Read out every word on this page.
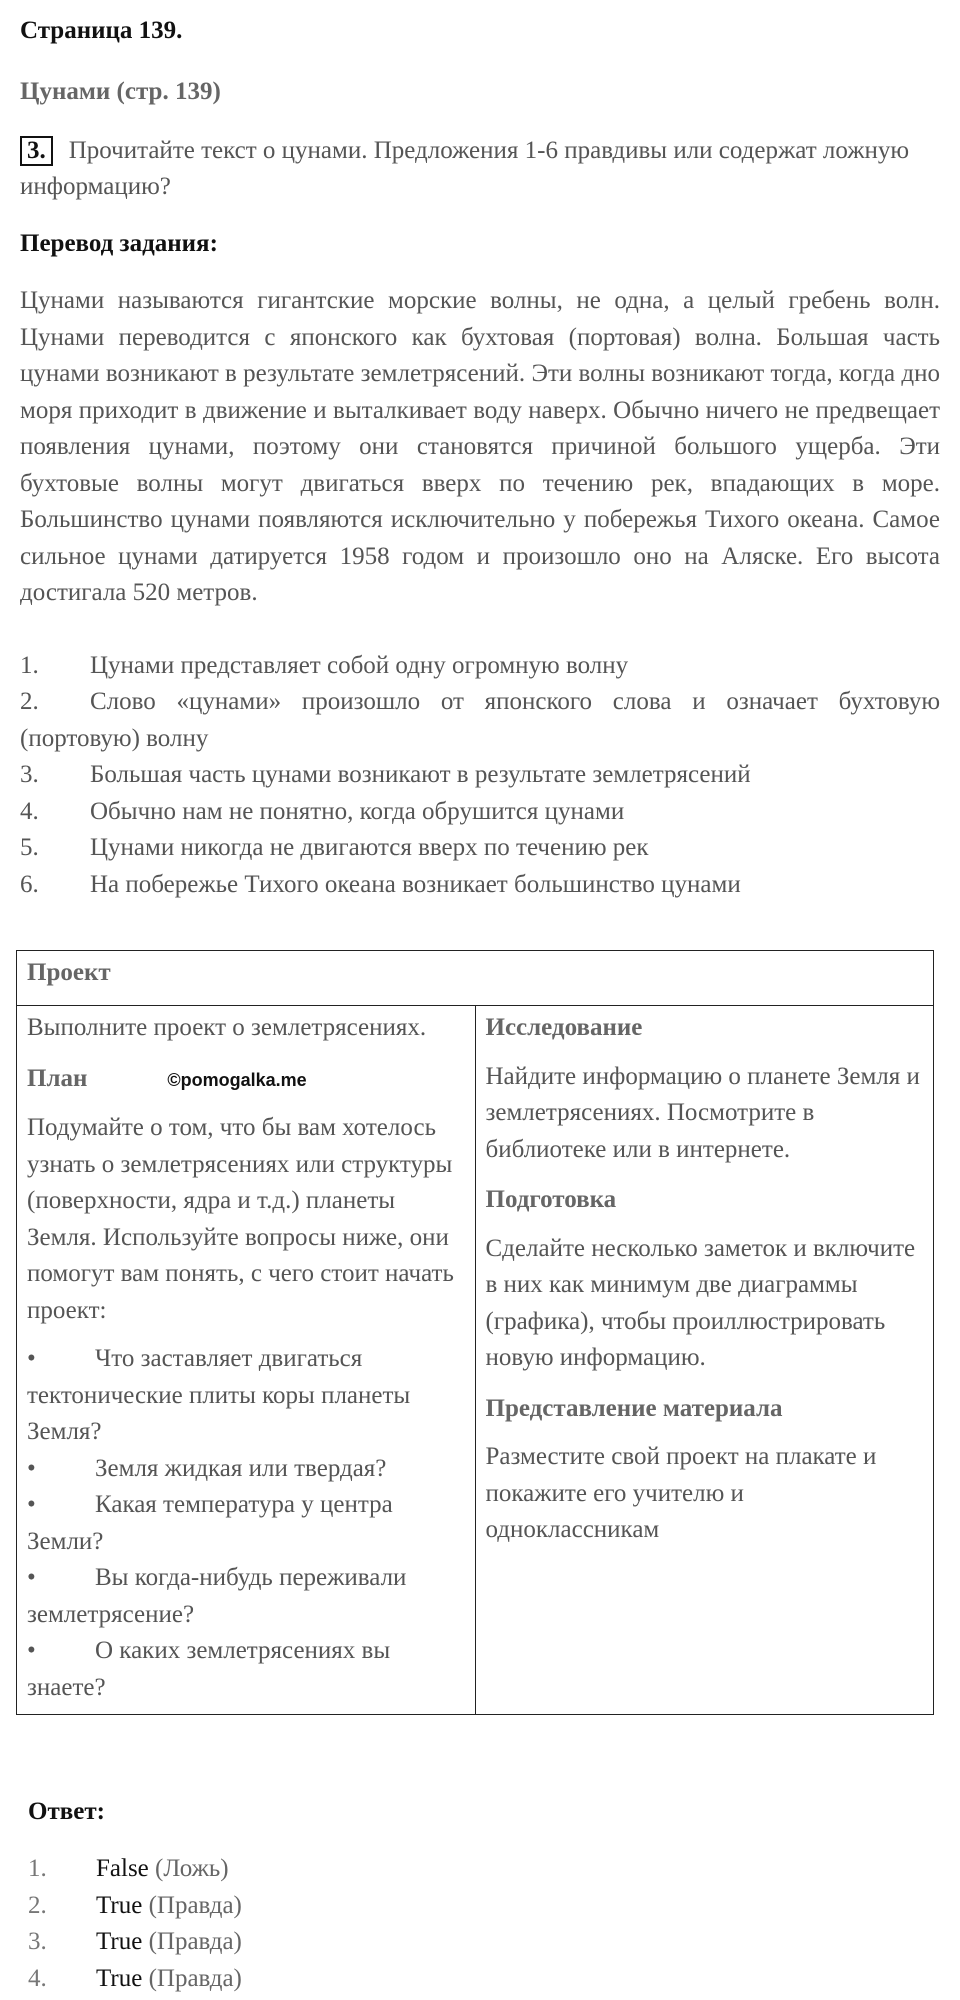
Страница 139.
Цунами (стр. 139)
3. Прочитайте текст о цунами. Предложения 1-6 правдивы или содержат ложную информацию?
Перевод задания:
Цунами называются гигантские морские волны, не одна, а целый гребень волн. Цунами переводится с японского как бухтовая (портовая) волна. Большая часть цунами возникают в результате землетрясений. Эти волны возникают тогда, когда дно моря приходит в движение и выталкивает воду наверх. Обычно ничего не предвещает появления цунами, поэтому они становятся причиной большого ущерба. Эти бухтовые волны могут двигаться вверх по течению рек, впадающих в море. Большинство цунами появляются исключительно у побережья Тихого океана. Самое сильное цунами датируется 1958 годом и произошло оно на Аляске. Его высота достигала 520 метров.
1. Цунами представляет собой одну огромную волну
2. Слово «цунами» произошло от японского слова и означает бухтовую (портовую) волну
3. Большая часть цунами возникают в результате землетрясений
4. Обычно нам не понятно, когда обрушится цунами
5. Цунами никогда не двигаются вверх по течению рек
6. На побережье Тихого океана возникает большинство цунами
Проект

Выполните проект о землетрясениях.
План	©pomogalka.me
Подумайте о том, что бы вам хотелось узнать о землетрясениях или структуры (поверхности, ядра и т.д.) планеты Земля. Используйте вопросы ниже, они помогут вам понять, с чего стоит начать проект:
• Что заставляет двигаться тектонические плиты коры планеты Земля?
• Земля жидкая или твердая?
• Какая температура у центра Земли?
• Вы когда-нибудь переживали землетрясение?
• О каких землетрясениях вы знаете?

Исследование
Найдите информацию о планете Земля и землетрясениях. Посмотрите в библиотеке или в интернете.
Подготовка
Сделайте несколько заметок и включите в них как минимум две диаграммы (графика), чтобы проиллюстрировать новую информацию.
Представление материала
Разместите свой проект на плакате и покажите его учителю и одноклассникам
Ответ:
1. False (Ложь)
2. True (Правда)
3. True (Правда)
4. True (Правда)
